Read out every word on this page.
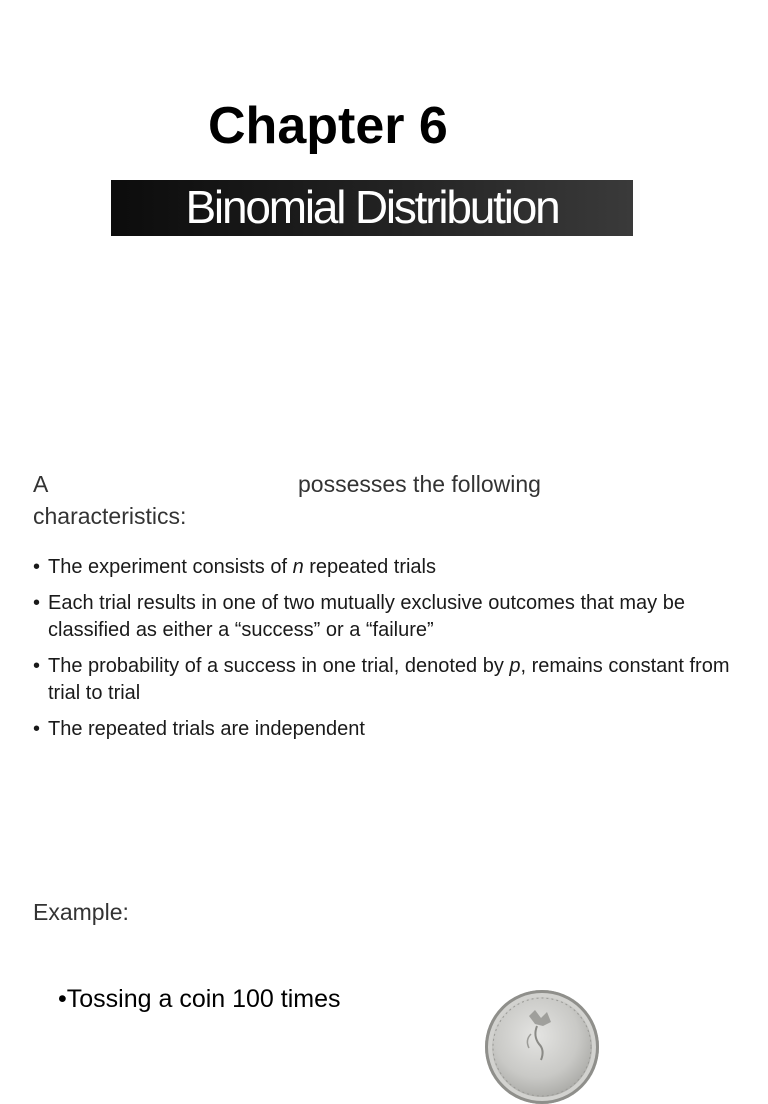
Chapter 6
Binomial Distribution
A	possesses the following
characteristics:
• The experiment consists of n repeated trials
• Each trial results in one of two mutually exclusive outcomes that may be classified as either a “success” or a “failure”
• The probability of a success in one trial, denoted by p, remains constant from trial to trial
• The repeated trials are independent
Example:
•Tossing a coin 100 times
